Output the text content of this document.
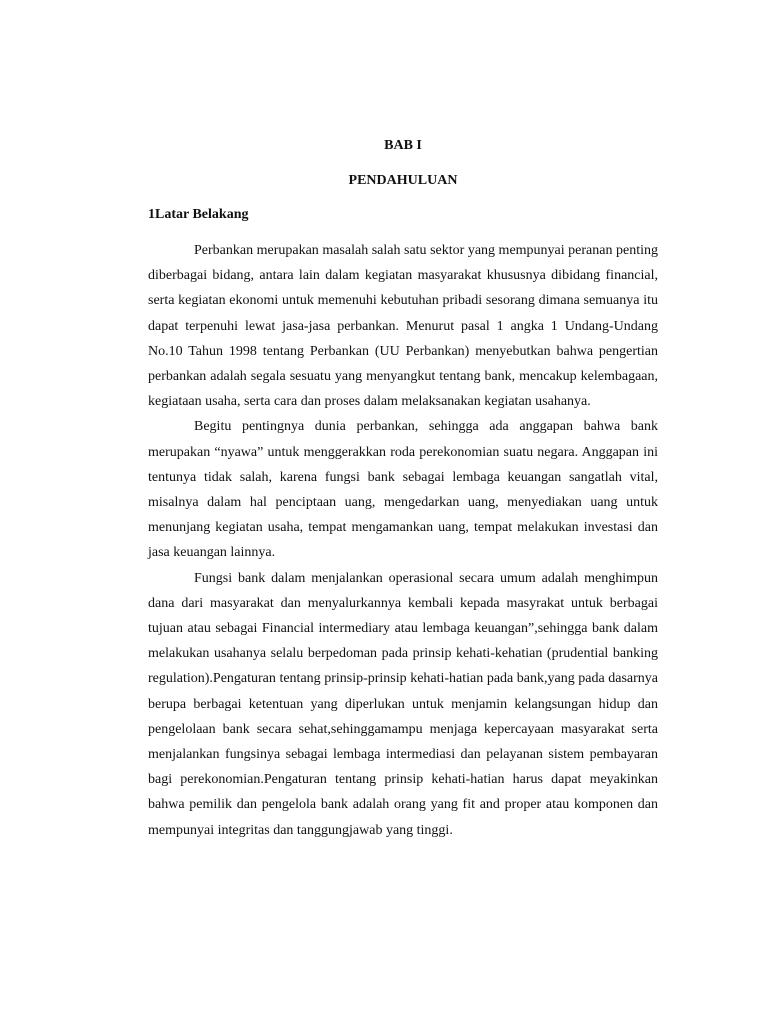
BAB I
PENDAHULUAN
1Latar Belakang

Perbankan merupakan masalah salah satu sektor yang mempunyai peranan penting diberbagai bidang, antara lain dalam kegiatan masyarakat khususnya dibidang financial, serta kegiatan ekonomi untuk memenuhi kebutuhan pribadi sesorang dimana semuanya itu dapat terpenuhi lewat jasa-jasa perbankan. Menurut pasal 1 angka 1 Undang-Undang No.10 Tahun 1998 tentang Perbankan (UU Perbankan) menyebutkan bahwa pengertian perbankan adalah segala sesuatu yang menyangkut tentang bank, mencakup kelembagaan, kegiataan usaha, serta cara dan proses dalam melaksanakan kegiatan usahanya.

Begitu pentingnya dunia perbankan, sehingga ada anggapan bahwa bank merupakan “nyawa” untuk menggerakkan roda perekonomian suatu negara. Anggapan ini tentunya tidak salah, karena fungsi bank sebagai lembaga keuangan sangatlah vital, misalnya dalam hal penciptaan uang, mengedarkan uang, menyediakan uang untuk menunjang kegiatan usaha, tempat mengamankan uang, tempat melakukan investasi dan jasa keuangan lainnya.

Fungsi bank dalam menjalankan operasional secara umum adalah menghimpun dana dari masyarakat dan menyalurkannya kembali kepada masyrakat untuk berbagai tujuan atau sebagai Financial intermediary atau lembaga keuangan”,sehingga bank dalam melakukan usahanya selalu berpedoman pada prinsip kehati-kehatian (prudential banking regulation).Pengaturan tentang prinsip-prinsip kehati-hatian pada bank,yang pada dasarnya berupa berbagai ketentuan yang diperlukan untuk menjamin kelangsungan hidup dan pengelolaan bank secara sehat,sehinggamampu menjaga kepercayaan masyarakat serta menjalankan fungsinya sebagai lembaga intermediasi dan pelayanan sistem pembayaran bagi perekonomian.Pengaturan tentang prinsip kehati-hatian harus dapat meyakinkan bahwa pemilik dan pengelola bank adalah orang yang fit and proper atau komponen dan mempunyai integritas dan tanggungjawab yang tinggi.
